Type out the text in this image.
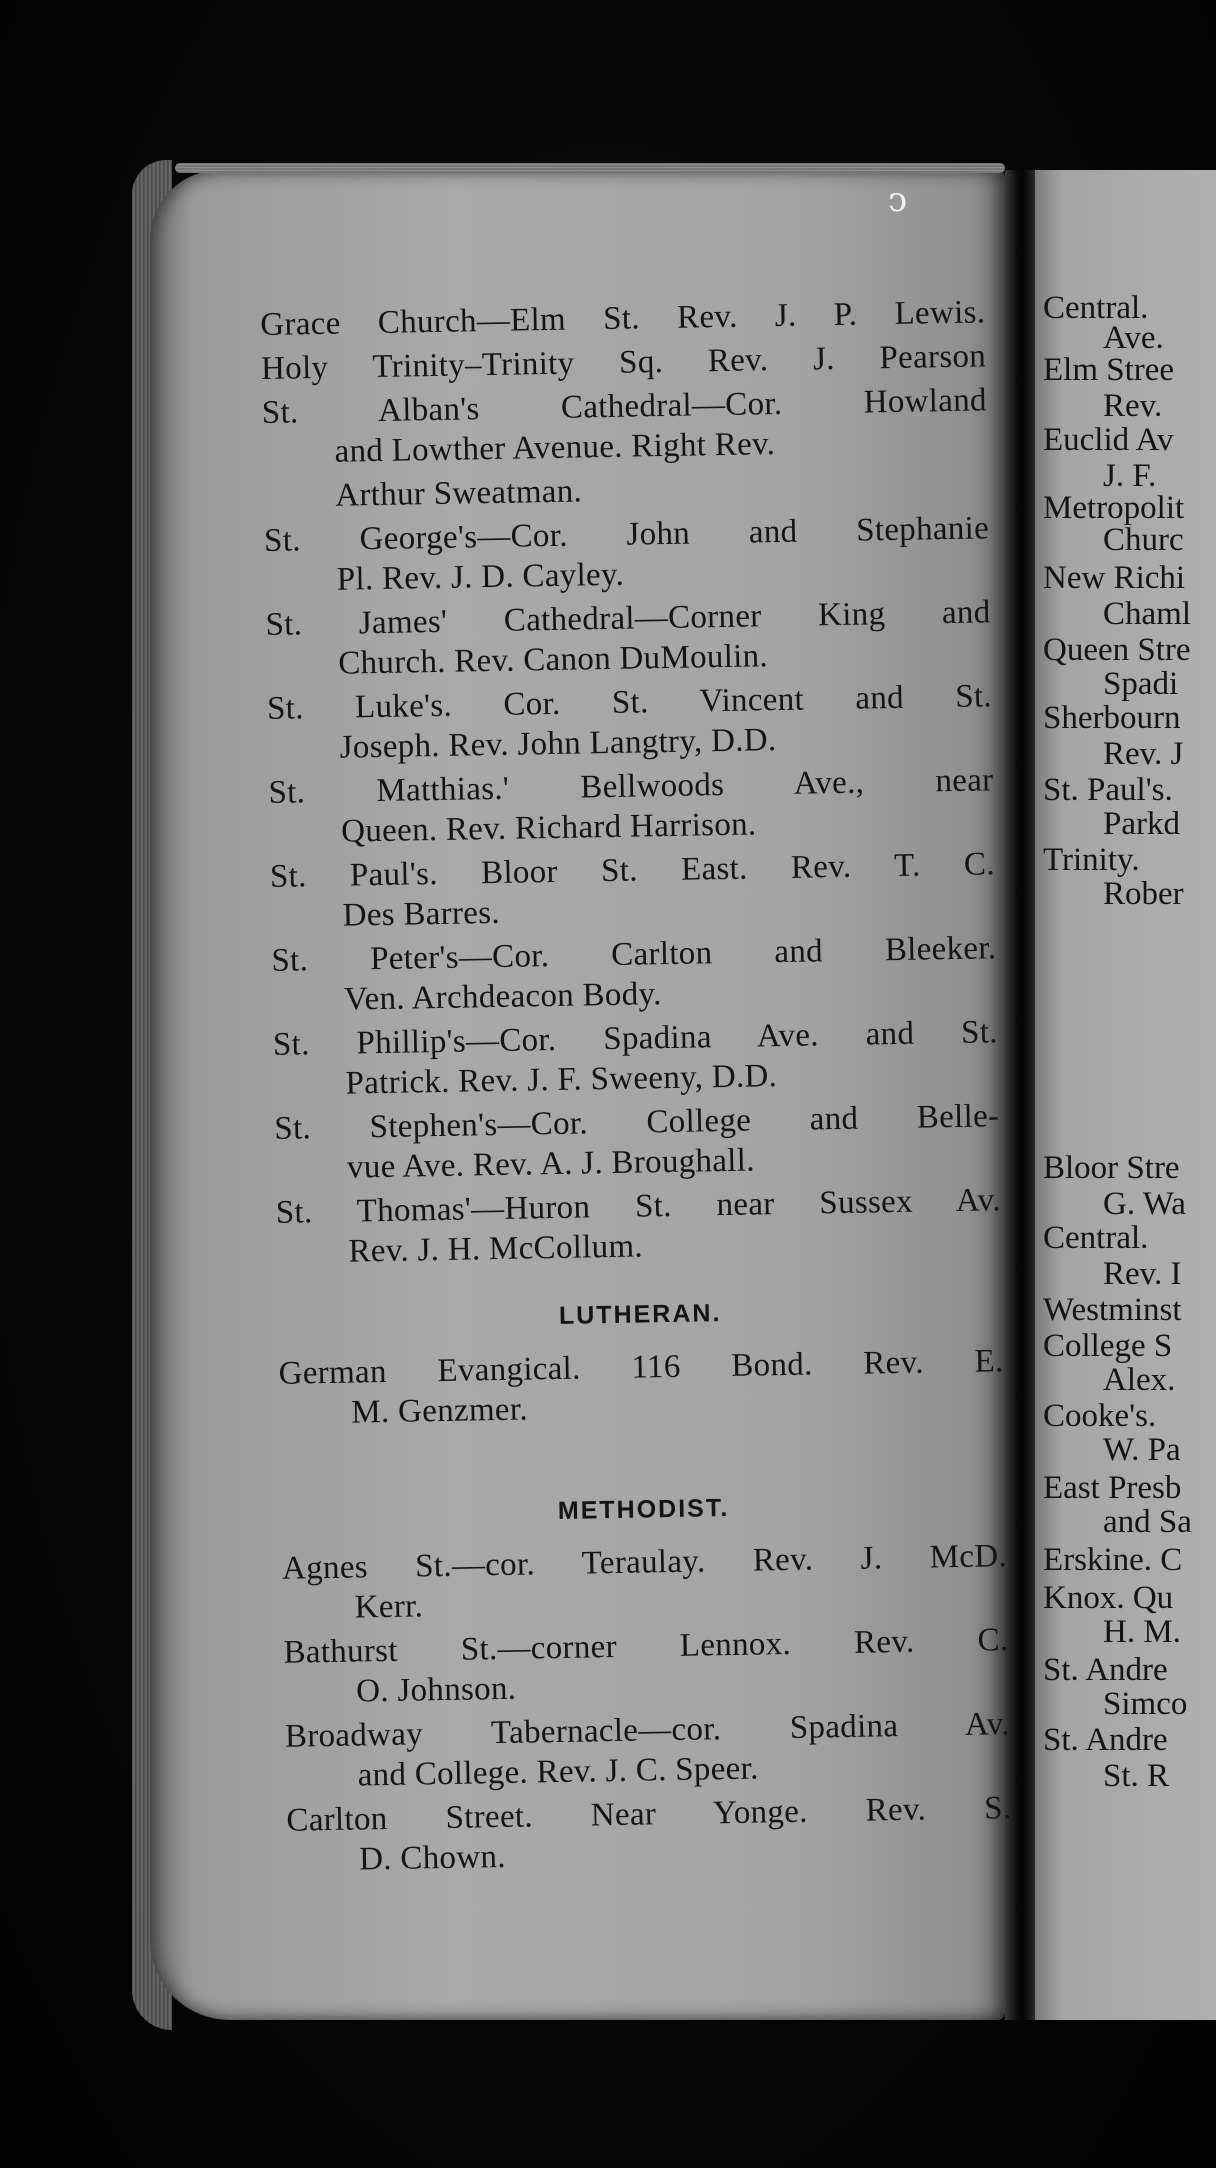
Central.
Ave.
Elm Stree
Rev.
Euclid Av
J. F.
Metropolit
Churc
New Richi
Chaml
Queen Stre
Spadi
Sherbourn
Rev. J
St. Paul's.
Parkd
Trinity.
Rober
Bloor Stre
G. Wa
Central.
Rev. I
Westminst
College S
Alex.
Cooke's.
W. Pa
East Presb
and Sa
Erskine. C
Knox. Qu
H. M.
St. Andre
Simco
St. Andre
St. R
ↄ
Grace Church—Elm St. Rev. J. P. Lewis.
Holy Trinity–Trinity Sq. Rev. J. Pearson
St. Alban's Cathedral—Cor. Howland
and Lowther Avenue. Right Rev.
Arthur Sweatman.
St. George's—Cor. John and Stephanie
Pl. Rev. J. D. Cayley.
St. James' Cathedral—Corner King and
Church. Rev. Canon DuMoulin.
St. Luke's. Cor. St. Vincent and St.
Joseph. Rev. John Langtry, D.D.
St. Matthias.' Bellwoods Ave., near
Queen. Rev. Richard Harrison.
St. Paul's. Bloor St. East. Rev. T. C.
Des Barres.
St. Peter's—Cor. Carlton and Bleeker.
Ven. Archdeacon Body.
St. Phillip's—Cor. Spadina Ave. and St.
Patrick. Rev. J. F. Sweeny, D.D.
St. Stephen's—Cor. College and Belle-
vue Ave. Rev. A. J. Broughall.
St. Thomas'—Huron St. near Sussex Av.
Rev. J. H. McCollum.
LUTHERAN.
German Evangical. 116 Bond. Rev. E.
M. Genzmer.
METHODIST.
Agnes St.—cor. Teraulay. Rev. J. McD.
Kerr.
Bathurst St.—corner Lennox. Rev. C.
O. Johnson.
Broadway Tabernacle—cor. Spadina Av.
and College. Rev. J. C. Speer.
Carlton Street. Near Yonge. Rev. S.
D. Chown.
